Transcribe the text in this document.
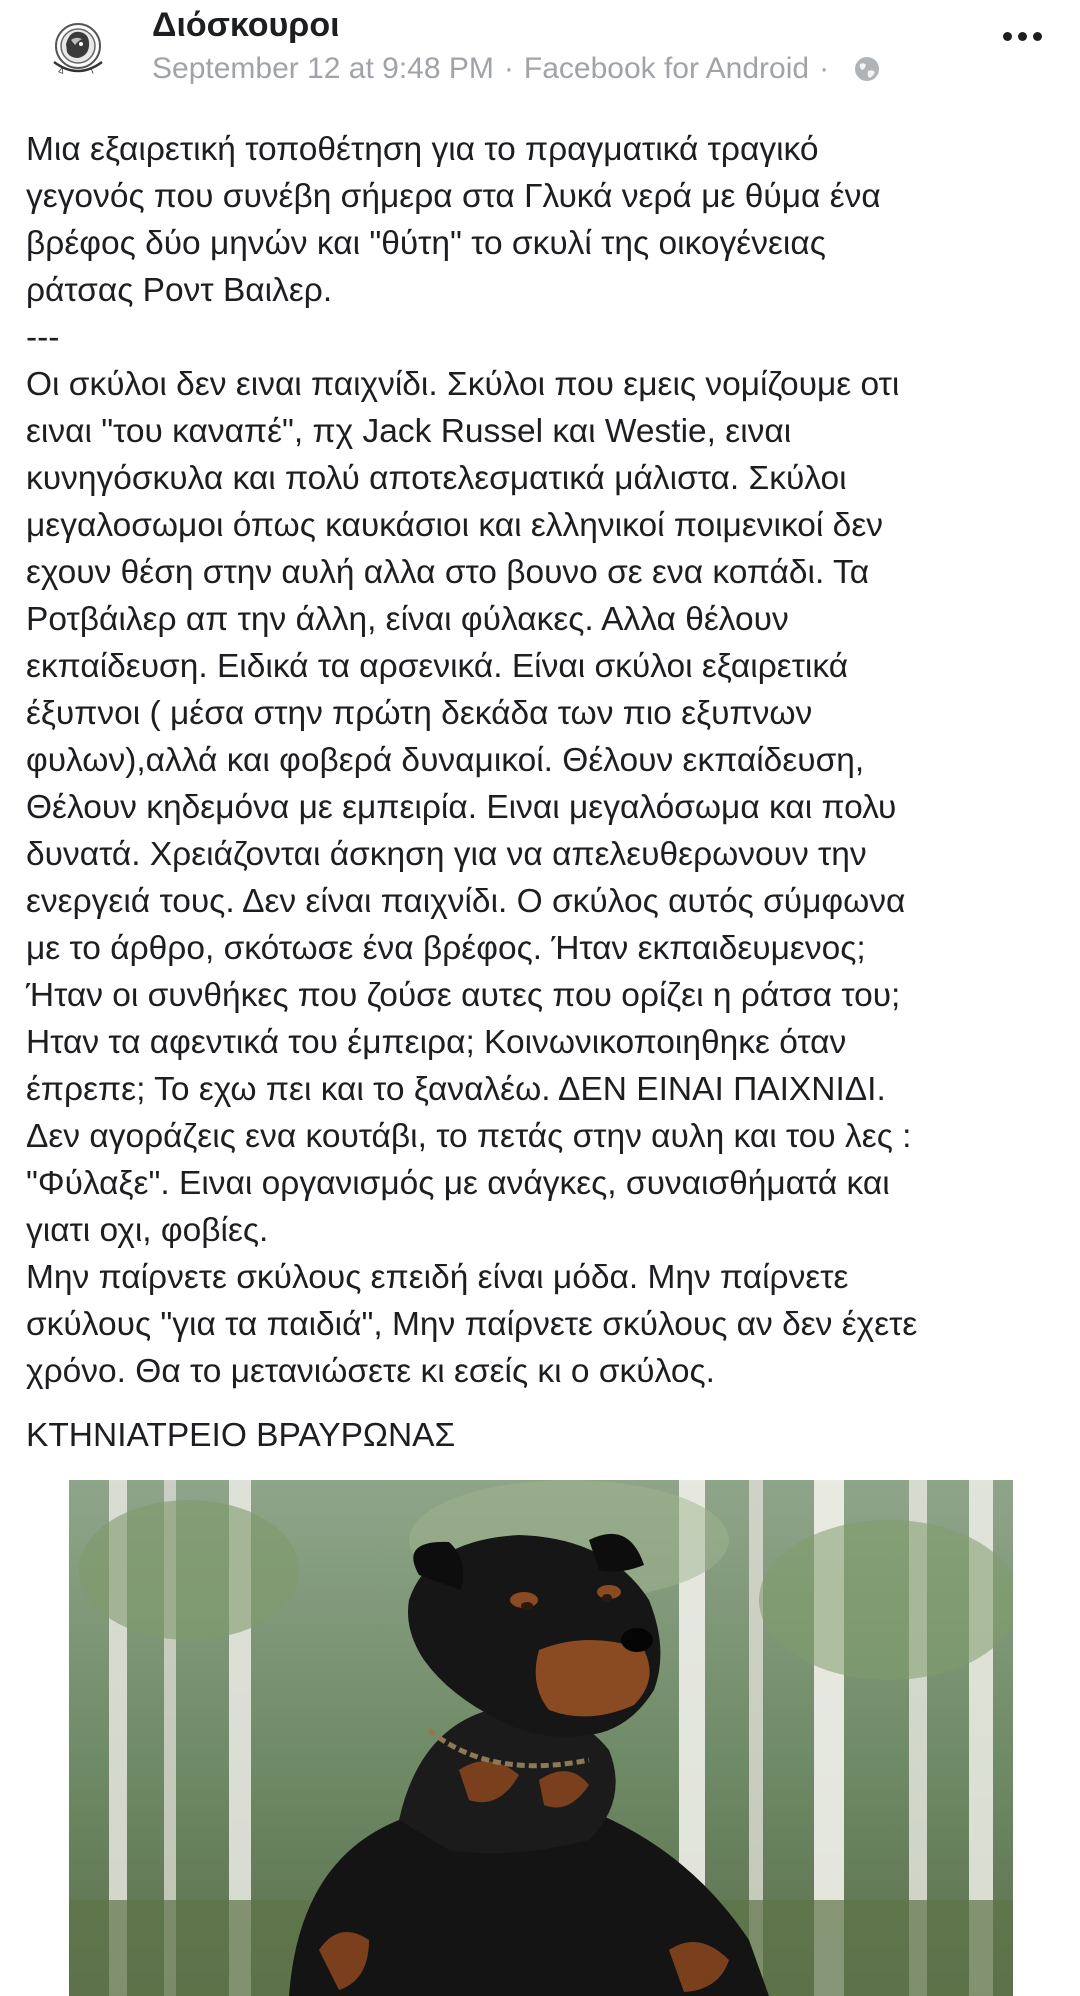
Δ	Ι
Διόσκουροι
September 12 at 9:48 PM · Facebook for Android ·
Μια εξαιρετική τοποθέτηση για το πραγματικά τραγικό
γεγονός που συνέβη σήμερα στα Γλυκά νερά με θύμα ένα
βρέφος δύο μηνών και "θύτη" το σκυλί της οικογένειας
ράτσας Ροντ Βαιλερ.
---
Οι σκύλοι δεν ειναι παιχνίδι. Σκύλοι που εμεις νομίζουμε οτι
ειναι "του καναπέ", πχ Jack Russel και Westie, ειναι
κυνηγόσκυλα και πολύ αποτελεσματικά μάλιστα. Σκύλοι
μεγαλοσωμοι όπως καυκάσιοι και ελληνικοί ποιμενικοί δεν
εχουν θέση στην αυλή αλλα στο βουνο σε ενα κοπάδι. Τα
Ροτβάιλερ απ την άλλη, είναι φύλακες. Αλλα θέλουν
εκπαίδευση. Ειδικά τα αρσενικά. Είναι σκύλοι εξαιρετικά
έξυπνοι ( μέσα στην πρώτη δεκάδα των πιο εξυπνων
φυλων),αλλά και φοβερά δυναμικοί. Θέλουν εκπαίδευση,
Θέλουν κηδεμόνα με εμπειρία. Ειναι μεγαλόσωμα και πολυ
δυνατά. Χρειάζονται άσκηση για να απελευθερωνουν την
ενεργειά τους. Δεν είναι παιχνίδι. Ο σκύλος αυτός σύμφωνα
με το άρθρο, σκότωσε ένα βρέφος. Ήταν εκπαιδευμενος;
Ήταν οι συνθήκες που ζούσε αυτες που ορίζει η ράτσα του;
Ηταν τα αφεντικά του έμπειρα; Κοινωνικοποιηθηκε όταν
έπρεπε; Το εχω πει και το ξαναλέω. ΔΕΝ ΕΙΝΑΙ ΠΑΙΧΝΙΔΙ.
Δεν αγοράζεις ενα κουτάβι, το πετάς στην αυλη και του λες :
"Φύλαξε". Ειναι οργανισμός με ανάγκες, συναισθήματά και
γιατι οχι, φοβίες.
Μην παίρνετε σκύλους επειδή είναι μόδα. Μην παίρνετε
σκύλους "για τα παιδιά", Μην παίρνετε σκύλους αν δεν έχετε
χρόνο. Θα το μετανιώσετε κι εσείς κι ο σκύλος.
ΚΤΗΝΙΑΤΡΕΙΟ ΒΡΑΥΡΩΝΑΣ
